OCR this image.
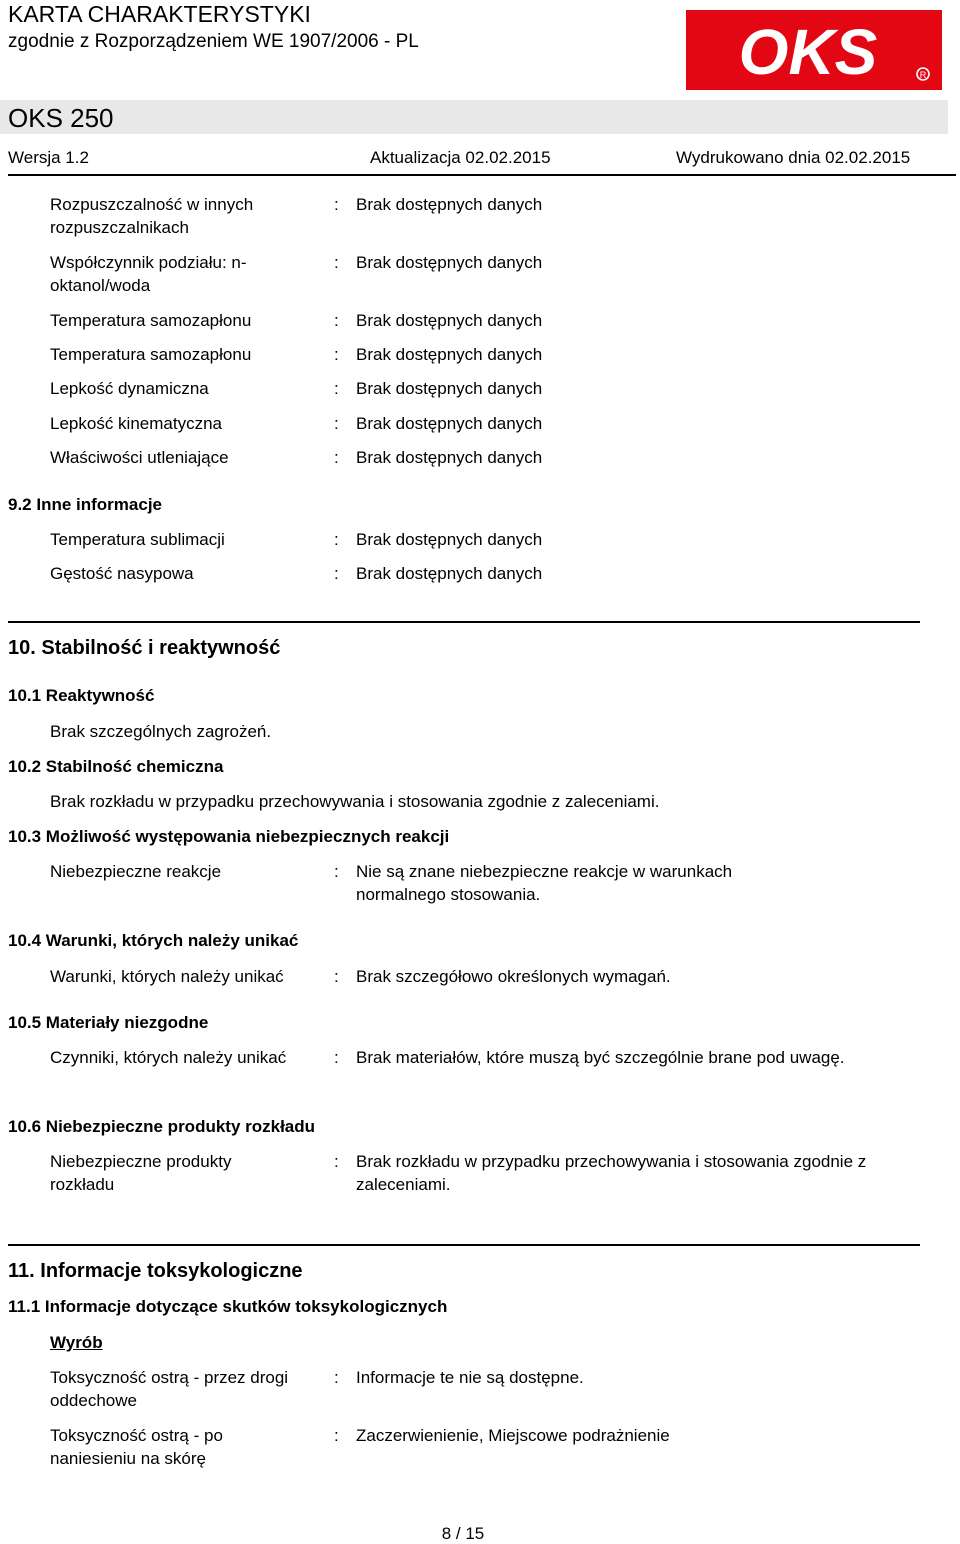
KARTA CHARAKTERYSTYKI
zgodnie z Rozporządzeniem WE 1907/2006 - PL	OKS	R
OKS 250
Wersja 1.2	Aktualizacja 02.02.2015	Wydrukowano dnia 02.02.2015
Rozpuszczalność w innych rozpuszczalnikach
: Brak dostępnych danych
Współczynnik podziału: n-oktanol/woda
: Brak dostępnych danych
Temperatura samozapłonu	: Brak dostępnych danych
Temperatura samozapłonu	: Brak dostępnych danych
Lepkość dynamiczna	: Brak dostępnych danych
Lepkość kinematyczna	: Brak dostępnych danych
Właściwości utleniające	: Brak dostępnych danych
9.2 Inne informacje
Temperatura sublimacji	: Brak dostępnych danych
Gęstość nasypowa	: Brak dostępnych danych
10. Stabilność i reaktywność
10.1 Reaktywność
Brak szczególnych zagrożeń.
10.2 Stabilność chemiczna
Brak rozkładu w przypadku przechowywania i stosowania zgodnie z zaleceniami.
10.3 Możliwość występowania niebezpiecznych reakcji
Niebezpieczne reakcje	: Nie są znane niebezpieczne reakcje w warunkach normalnego stosowania.
10.4 Warunki, których należy unikać
Warunki, których należy unikać	: Brak szczegółowo określonych wymagań.
10.5 Materiały niezgodne
Czynniki, których należy unikać	: Brak materiałów, które muszą być szczególnie brane pod uwagę.
10.6 Niebezpieczne produkty rozkładu
Niebezpieczne produkty rozkładu
: Brak rozkładu w przypadku przechowywania i stosowania zgodnie z zaleceniami.
11. Informacje toksykologiczne
11.1 Informacje dotyczące skutków toksykologicznych
Wyrób
Toksyczność ostrą - przez drogi oddechowe
: Informacje te nie są dostępne.
Toksyczność ostrą - po naniesieniu na skórę
: Zaczerwienienie, Miejscowe podrażnienie
8 / 15
